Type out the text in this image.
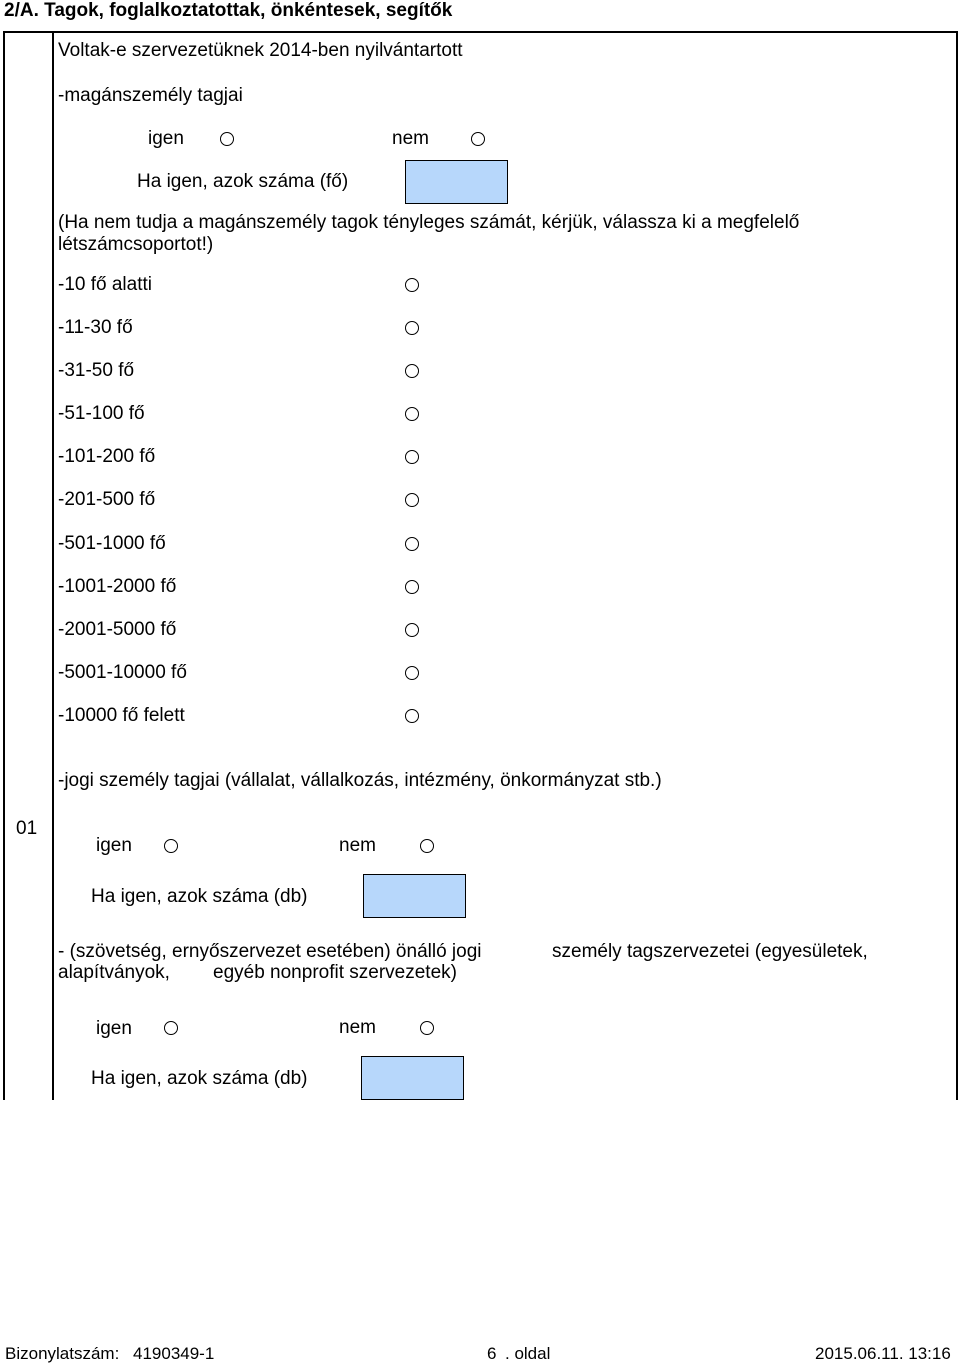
2/A. Tagok, foglalkoztatottak, önkéntesek, segítők
01
Voltak-e szervezetüknek 2014-ben nyilvántartott
-magánszemély tagjai
igen	nem
Ha igen, azok száma (fő)
(Ha nem tudja a magánszemély tagok tényleges számát, kérjük, válassza ki a megfelelő
létszámcsoportot!)
-10 fő alatti
-11-30 fő
-31-50 fő
-51-100 fő
-101-200 fő
-201-500 fő
-501-1000 fő
-1001-2000 fő
-2001-5000 fő
-5001-10000 fő
-10000 fő felett
-jogi személy tagjai (vállalat, vállalkozás, intézmény, önkormányzat stb.)
igen	nem
Ha igen, azok száma (db)
- (szövetség, ernyőszervezet esetében) önálló jogi	személy tagszervezetei (egyesületek,
alapítványok, egyéb nonprofit szervezetek)
igen	nem
Ha igen, azok száma (db)
Bizonylatszám: 4190349-1	6 . oldal	2015.06.11. 13:16
